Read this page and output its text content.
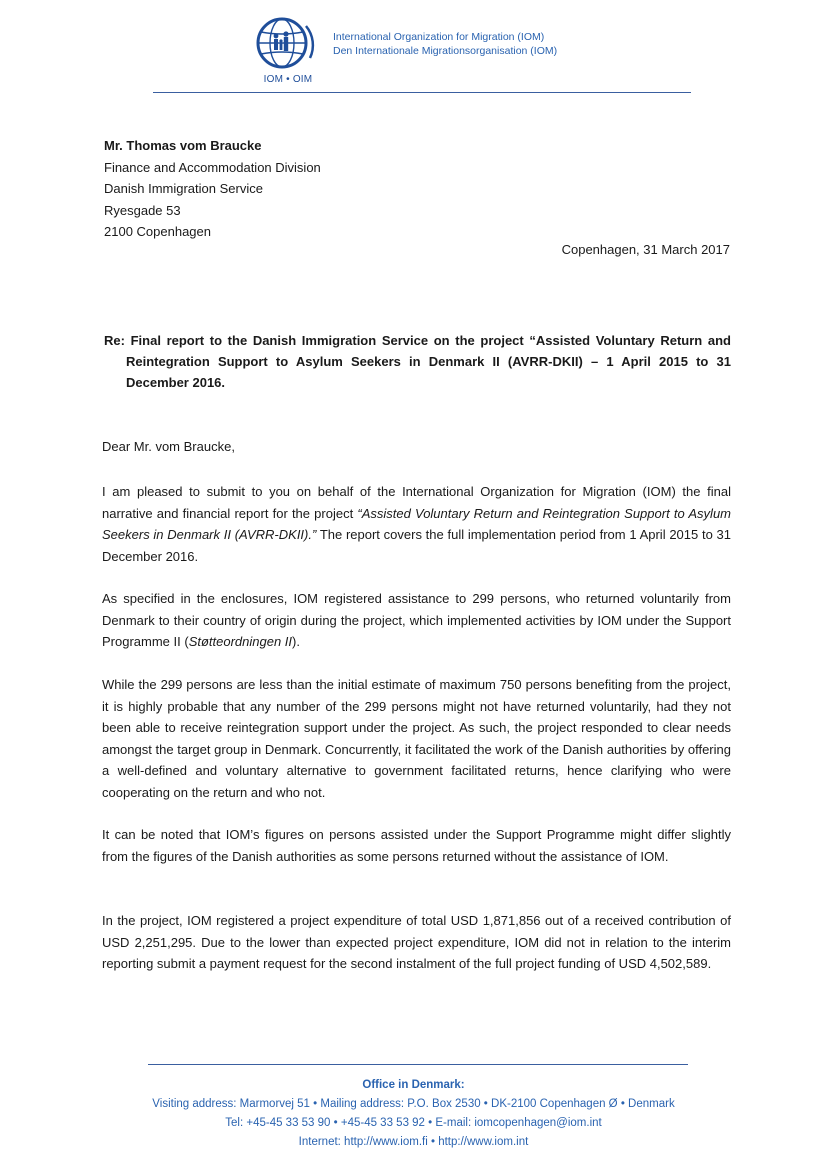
IOM • OIM
International Organization for Migration (IOM)
Den Internationale Migrationsorganisation (IOM)
Mr. Thomas vom Braucke
Finance and Accommodation Division
Danish Immigration Service
Ryesgade 53
2100 Copenhagen
Copenhagen, 31 March 2017
Re: Final report to the Danish Immigration Service on the project “Assisted Voluntary Return and Reintegration Support to Asylum Seekers in Denmark II (AVRR-DKII) – 1 April 2015 to 31 December 2016.
Dear Mr. vom Braucke,
I am pleased to submit to you on behalf of the International Organization for Migration (IOM) the final narrative and financial report for the project “Assisted Voluntary Return and Reintegration Support to Asylum Seekers in Denmark II (AVRR-DKII).” The report covers the full implementation period from 1 April 2015 to 31 December 2016.
As specified in the enclosures, IOM registered assistance to 299 persons, who returned voluntarily from Denmark to their country of origin during the project, which implemented activities by IOM under the Support Programme II (Støtteordningen II).
While the 299 persons are less than the initial estimate of maximum 750 persons benefiting from the project, it is highly probable that any number of the 299 persons might not have returned voluntarily, had they not been able to receive reintegration support under the project. As such, the project responded to clear needs amongst the target group in Denmark. Concurrently, it facilitated the work of the Danish authorities by offering a well-defined and voluntary alternative to government facilitated returns, hence clarifying who were cooperating on the return and who not.
It can be noted that IOM’s figures on persons assisted under the Support Programme might differ slightly from the figures of the Danish authorities as some persons returned without the assistance of IOM.
In the project, IOM registered a project expenditure of total USD 1,871,856 out of a received contribution of USD 2,251,295. Due to the lower than expected project expenditure, IOM did not in relation to the interim reporting submit a payment request for the second instalment of the full project funding of USD 4,502,589.
Office in Denmark:
Visiting address: Marmorvej 51 • Mailing address: P.O. Box 2530 • DK-2100 Copenhagen Ø • Denmark
Tel: +45-45 33 53 90 • +45-45 33 53 92 • E-mail: iomcopenhagen@iom.int
Internet: http://www.iom.fi • http://www.iom.int
